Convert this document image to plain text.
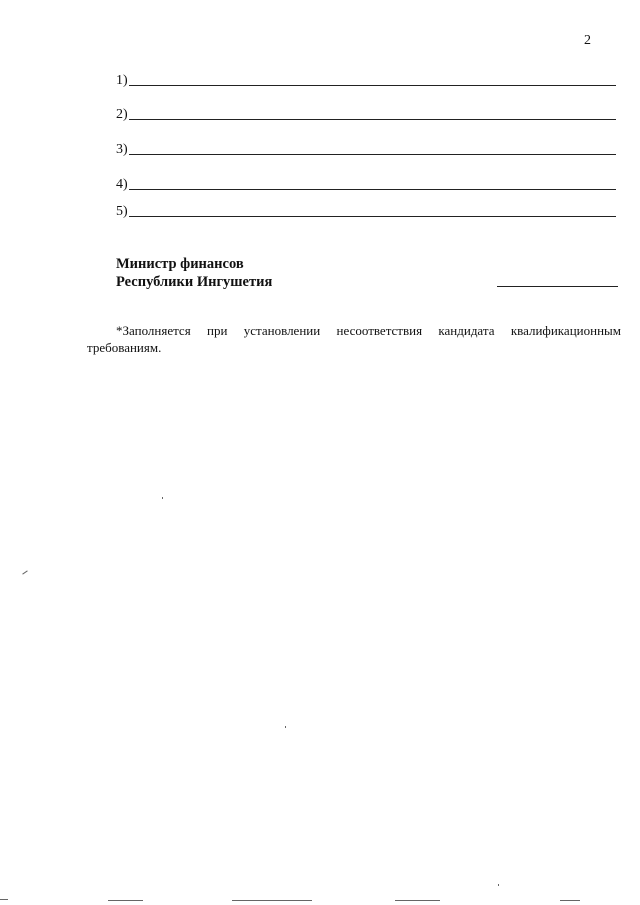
2
1)
2)
3)
4)
5)
Министр финансов
Республики Ингушетия
*Заполняется при установлении несоответствия кандидата квалификационным
требованиям.
